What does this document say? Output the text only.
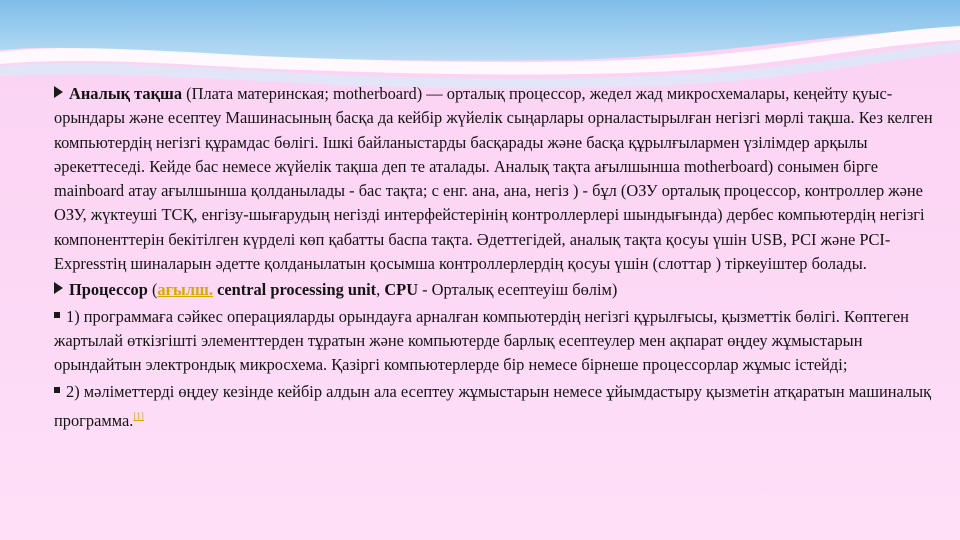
Аналық тақша (Плата материнская; motherboard) — орталық процессор, жедел жад микросхемалары, кеңейту қуыс- орындары және есептеу Машинасының басқа да кейбір жүйелік сыңарлары орналастырылған негізгі мөрлі тақша. Кез келген компьютердің негізгі құрамдас бөлігі. Ішкі байланыстарды басқарады және басқа құрылғылармен үзілімдер арқылы әрекеттеседі. Кейде бас немесе жүйелік тақша деп те аталады. Аналық тақта ағылшынша motherboard) сонымен бірге mainboard атау ағылшынша қолданылады - бас тақта; с енг. ана, ана, негіз ) - бұл (ОЗУ орталық процессор, контроллер және ОЗУ, жүктеуші ТСҚ, енгізу-шығарудың негізді интерфейстерінің контроллерлері шындығында) дербес компьютердің негізгі компоненттерін бекітілген күрделі көп қабатты баспа тақта. Әдеттегідей, аналық тақта қосуы үшін USB, PCI және PCI-Expressтің шиналарын әдетте қолданылатын қосымша контроллерлердің қосуы үшін (слоттар ) тіркеуіштер болады.

Процессор (ағылш. central processing unit, CPU - Орталық есептеуіш бөлім)

1) программаға сәйкес операцияларды орындауға арналған компьютердің негізгі құрылғысы, қызметтік бөлігі. Көптеген жартылай өткізгішті элементтерден тұратын және компьютерде барлық есептеулер мен ақпарат өңдеу жұмыстарын орындайтын электрондық микросхема. Қазіргі компьютерлерде бір немесе бірнеше процессорлар жұмыс істейді;

2) мәліметтерді өңдеу кезінде кейбір алдын ала есептеу жұмыстарын немесе ұйымдастыру қызметін атқаратын машиналық программа.[1]
